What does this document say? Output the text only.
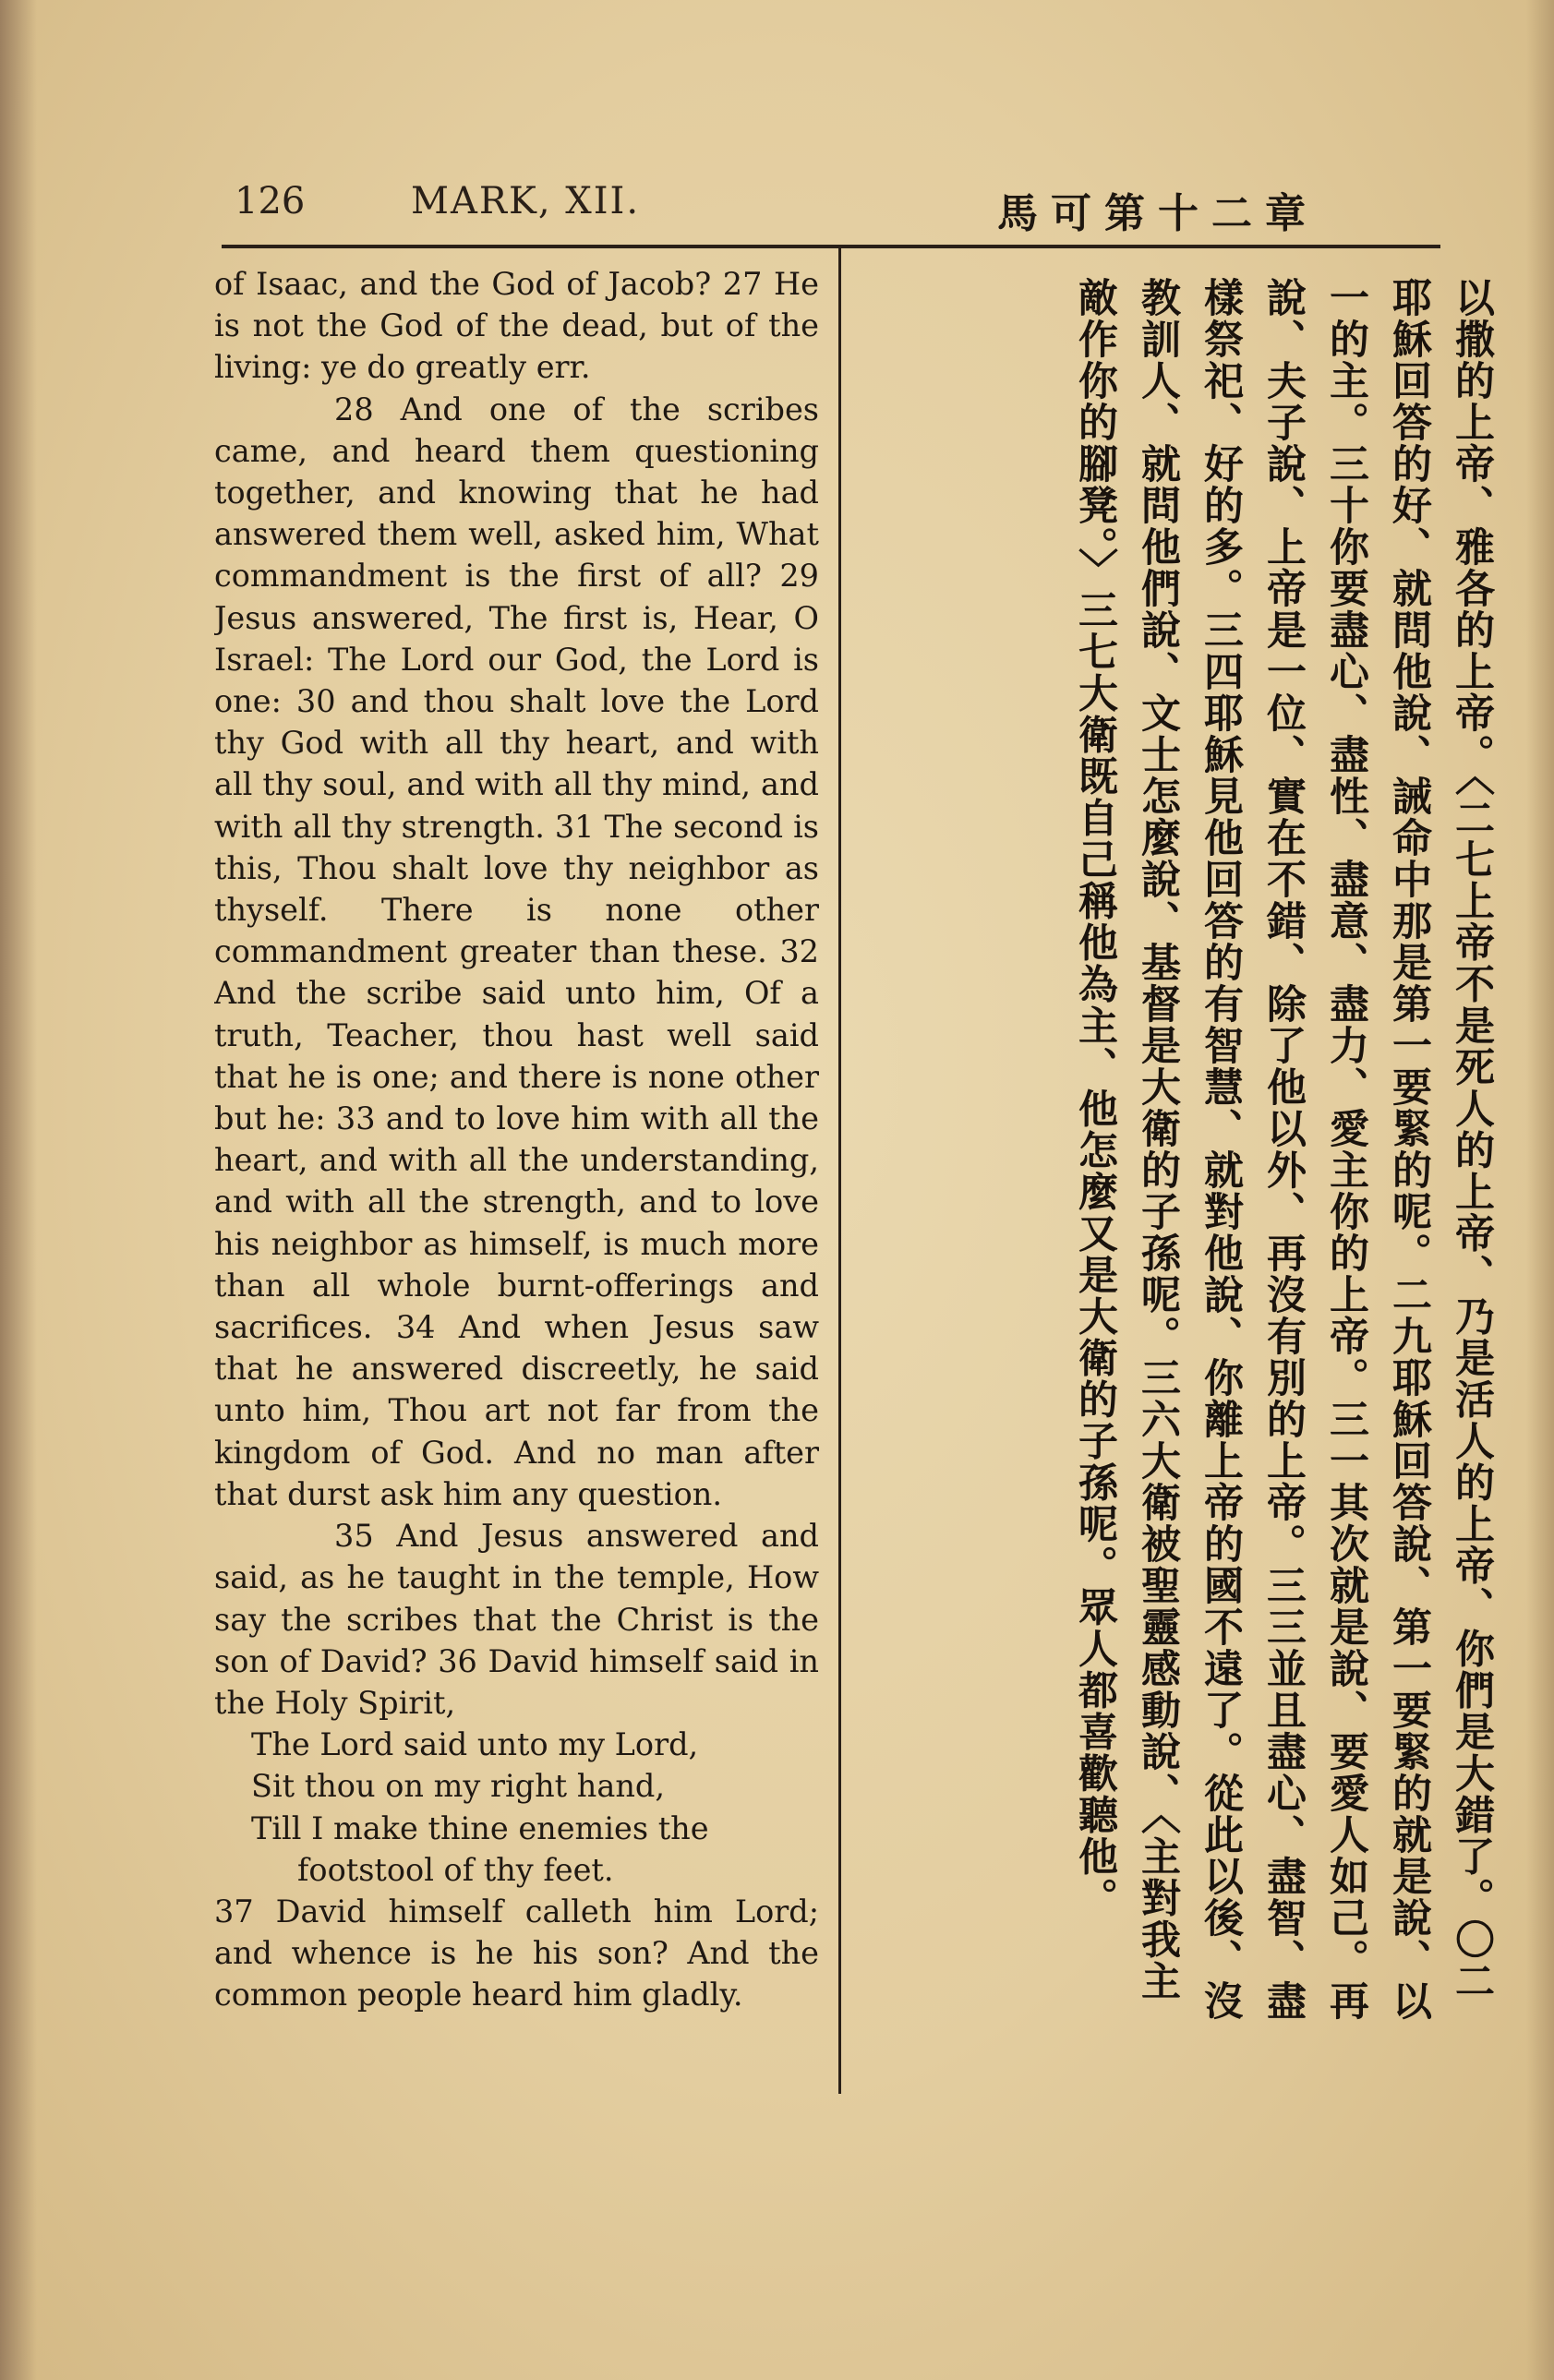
126	MARK, XII.	馬可第十二章

of Isaac, and the God of Jacob? 27 He is not the God of the dead, but of the living: ye do greatly err.

28 And one of the scribes came, and heard them questioning together, and knowing that he had answered them well, asked him, What commandment is the first of all? 29 Jesus answered, The first is, Hear, O Israel: The Lord our God, the Lord is one: 30 and thou shalt love the Lord thy God with all thy heart, and with all thy soul, and with all thy mind, and with all thy strength. 31 The second is this, Thou shalt love thy neighbor as thyself. There is none other commandment greater than these. 32 And the scribe said unto him, Of a truth, Teacher, thou hast well said that he is one; and there is none other but he: 33 and to love him with all the heart, and with all the understanding, and with all the strength, and to love his neighbor as himself, is much more than all whole burnt-offerings and sacrifices. 34 And when Jesus saw that he answered discreetly, he said unto him, Thou art not far from the kingdom of God. And no man after that durst ask him any question.

35 And Jesus answered and said, as he taught in the temple, How say the scribes that the Christ is the son of David? 36 David himself said in the Holy Spirit,

The Lord said unto my Lord,
Sit thou on my right hand,
Till I make thine enemies the
footstool of thy feet.

37 David himself calleth him Lord; and whence is he his son? And the common people heard him gladly.

以撒的上帝、雅各的上帝。〈二七上帝不是死人的上帝、乃是活人的上帝、你們是大錯了。〇二
耶穌回答的好、就問他說、誡命中那是第一要緊的呢。二九耶穌回答說、第一要緊的就是說、以
一的主。三十你要盡心、盡性、盡意、盡力、愛主你的上帝。三一其次就是說、要愛人如己。再
說、夫子說、上帝是一位、實在不錯、除了他以外、再沒有別的上帝。三三並且盡心、盡智、盡
樣祭祀、好的多。三四耶穌見他回答的有智慧、就對他說、你離上帝的國不遠了。從此以後、沒
教訓人、就問他們說、文士怎麼說、基督是大衛的子孫呢。三六大衛被聖靈感動說、〈主對我主
敵作你的腳凳。〉三七大衛既自己稱他為主、他怎麼又是大衛的子孫呢。眾人都喜歡聽他。
